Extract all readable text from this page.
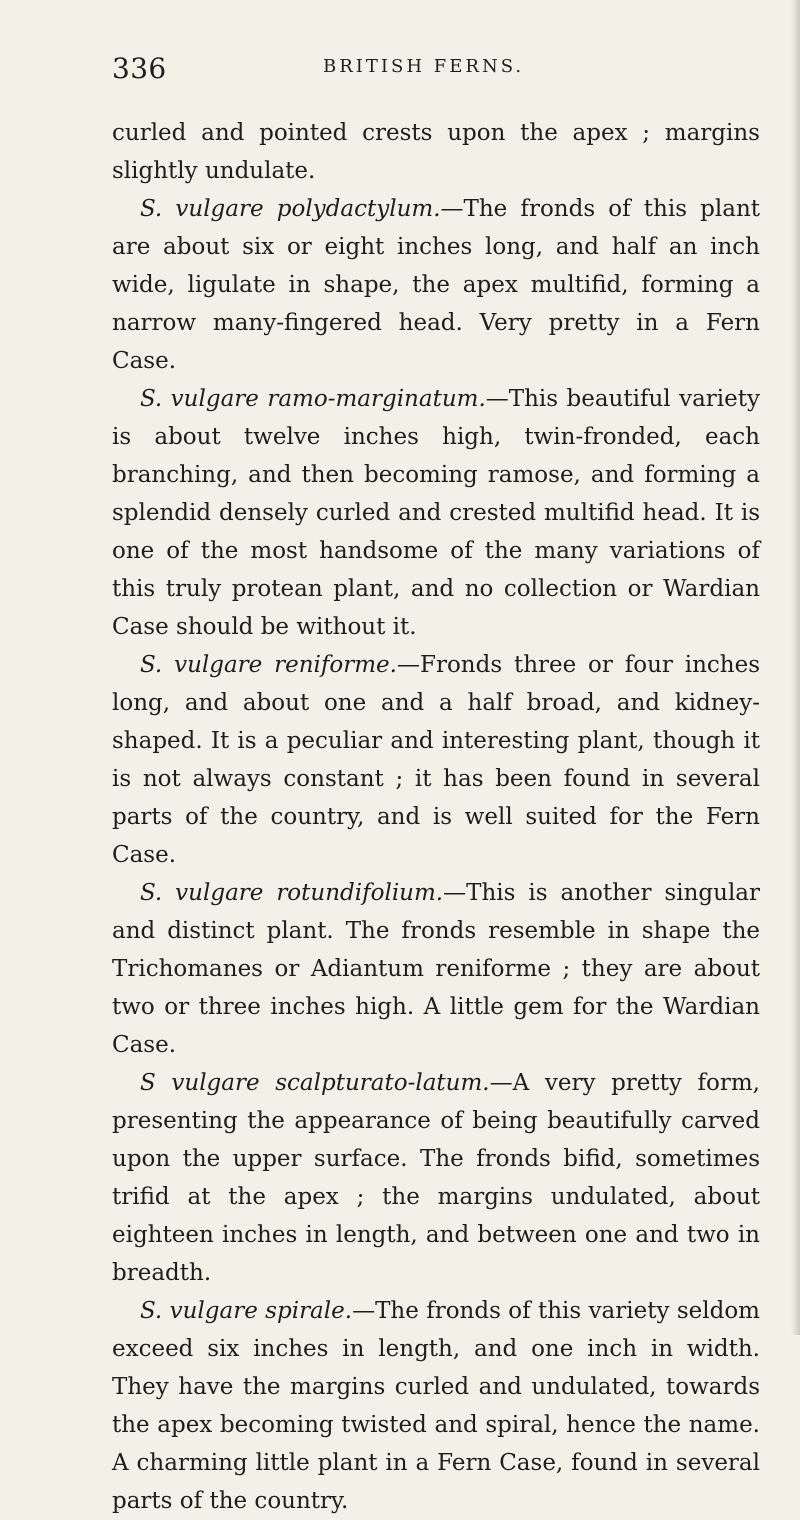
336	BRITISH FERNS.

curled and pointed crests upon the apex ; margins slightly undulate.

S. vulgare polydactylum.—The fronds of this plant are about six or eight inches long, and half an inch wide, ligulate in shape, the apex multifid, forming a narrow many-fingered head. Very pretty in a Fern Case.

S. vulgare ramo-marginatum.—This beautiful variety is about twelve inches high, twin-fronded, each branching, and then becoming ramose, and forming a splendid densely curled and crested multifid head. It is one of the most handsome of the many variations of this truly protean plant, and no collection or Wardian Case should be without it.

S. vulgare reniforme.—Fronds three or four inches long, and about one and a half broad, and kidney-shaped. It is a peculiar and interesting plant, though it is not always constant ; it has been found in several parts of the country, and is well suited for the Fern Case.

S. vulgare rotundifolium.—This is another singular and distinct plant. The fronds resemble in shape the Trichomanes or Adiantum reniforme ; they are about two or three inches high. A little gem for the Wardian Case.

S vulgare scalpturato-latum.—A very pretty form, presenting the appearance of being beautifully carved upon the upper surface. The fronds bifid, sometimes trifid at the apex ; the margins undulated, about eighteen inches in length, and between one and two in breadth.

S. vulgare spirale.—The fronds of this variety seldom exceed six inches in length, and one inch in width. They have the margins curled and undulated, towards the apex becoming twisted and spiral, hence the name. A charming little plant in a Fern Case, found in several parts of the country.
